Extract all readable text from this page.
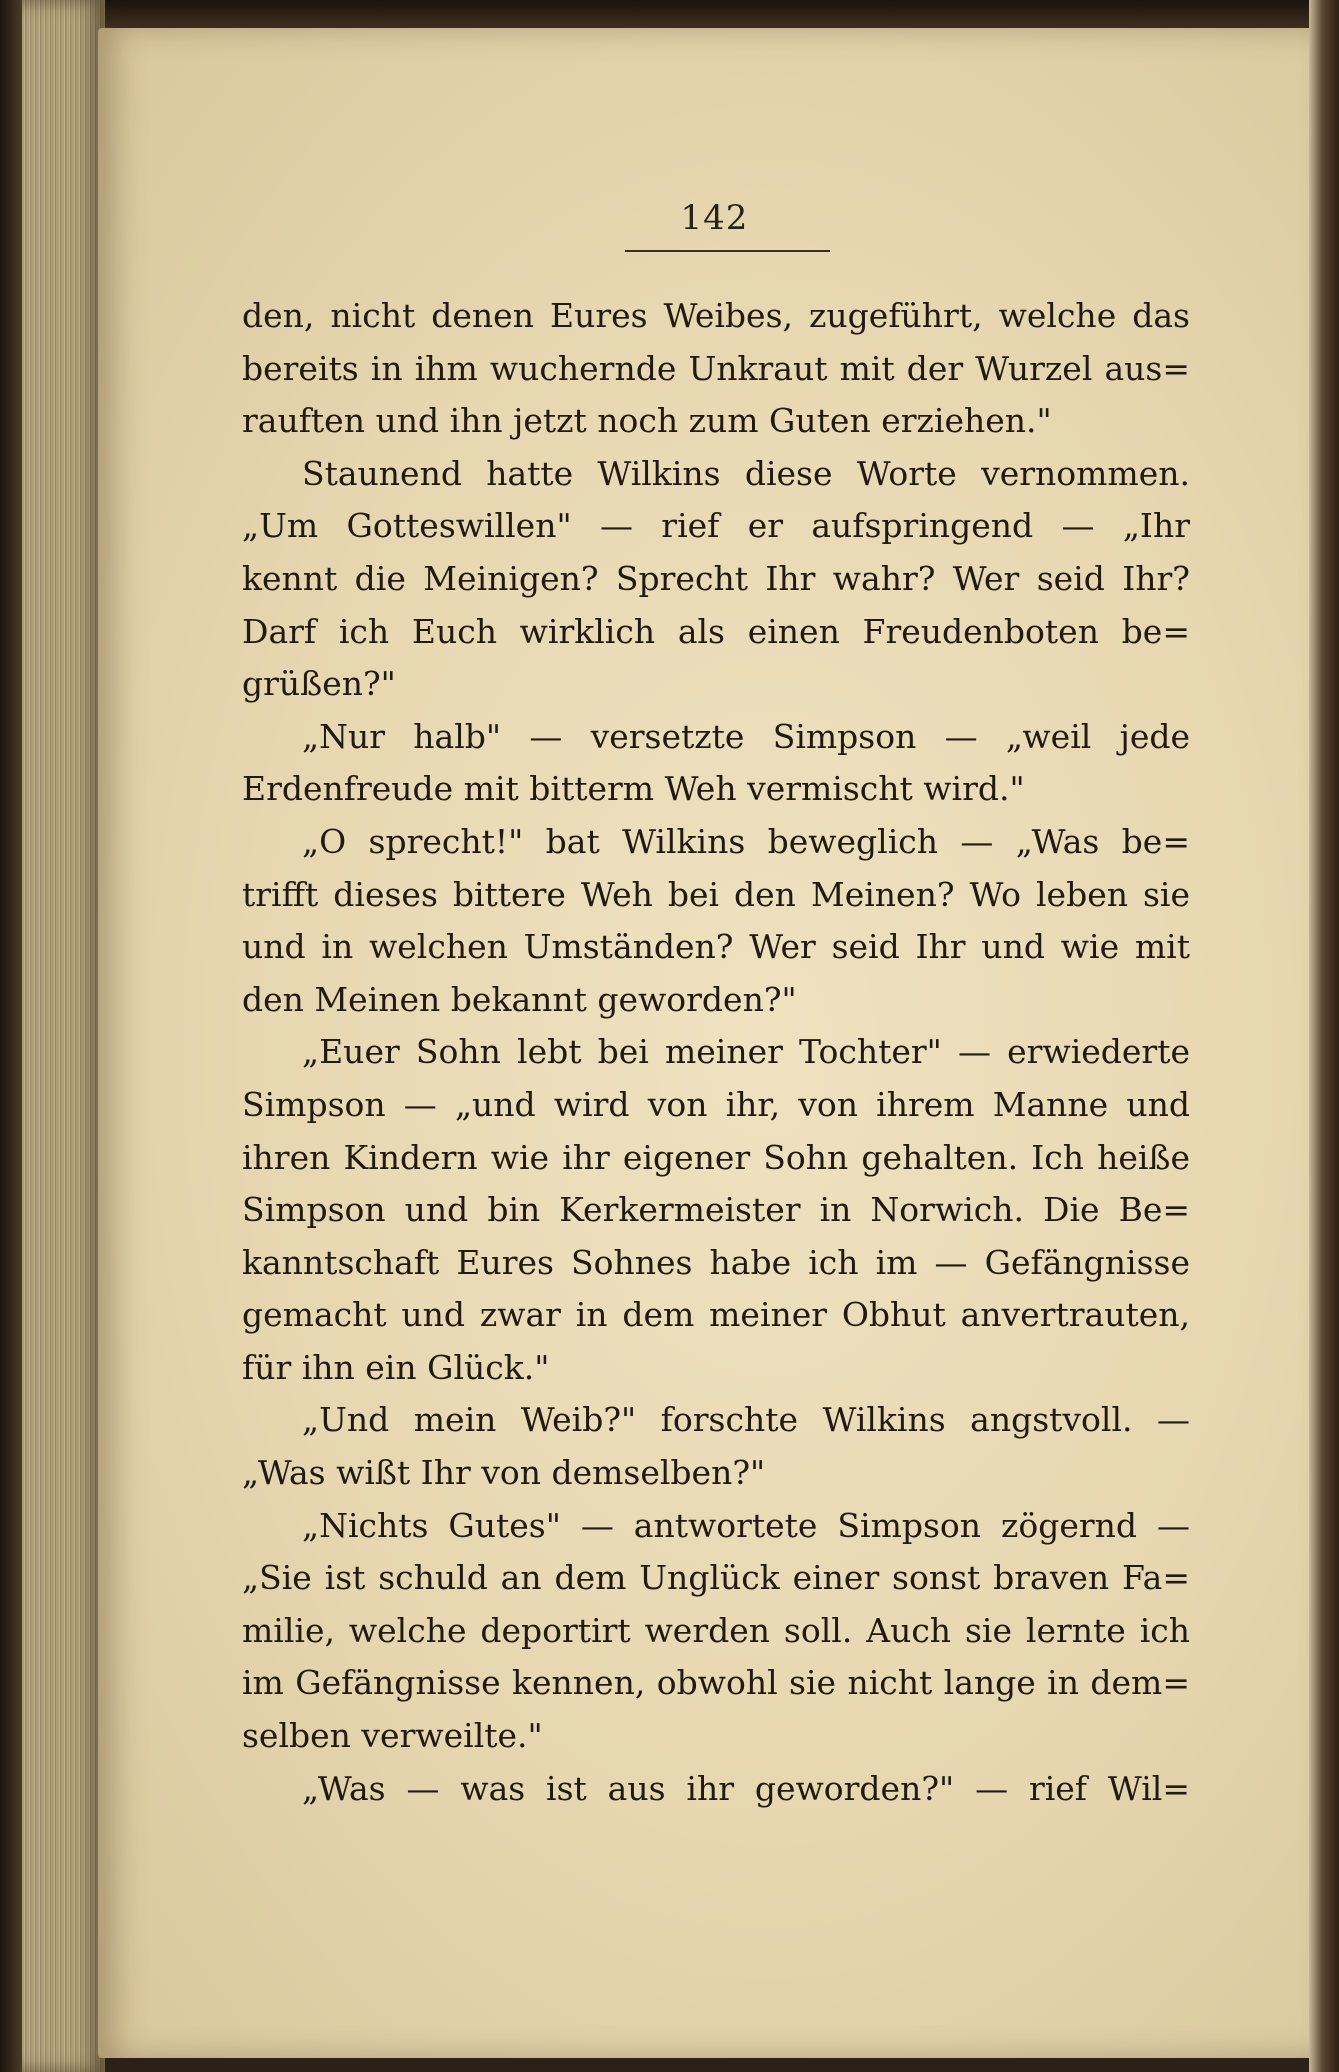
142
den, nicht denen Eures Weibes, zugeführt, welche das
bereits in ihm wuchernde Unkraut mit der Wurzel aus=
rauften und ihn jetzt noch zum Guten erziehen."
Staunend hatte Wilkins diese Worte vernommen.
„Um Gotteswillen" — rief er aufspringend — „Ihr
kennt die Meinigen? Sprecht Ihr wahr? Wer seid Ihr?
Darf ich Euch wirklich als einen Freudenboten be=
grüßen?"
„Nur halb" — versetzte Simpson — „weil jede
Erdenfreude mit bitterm Weh vermischt wird."
„O sprecht!" bat Wilkins beweglich — „Was be=
trifft dieses bittere Weh bei den Meinen? Wo leben sie
und in welchen Umständen? Wer seid Ihr und wie mit
den Meinen bekannt geworden?"
„Euer Sohn lebt bei meiner Tochter" — erwiederte
Simpson — „und wird von ihr, von ihrem Manne und
ihren Kindern wie ihr eigener Sohn gehalten. Ich heiße
Simpson und bin Kerkermeister in Norwich. Die Be=
kanntschaft Eures Sohnes habe ich im — Gefängnisse
gemacht und zwar in dem meiner Obhut anvertrauten,
für ihn ein Glück."
„Und mein Weib?" forschte Wilkins angstvoll. —
„Was wißt Ihr von demselben?"
„Nichts Gutes" — antwortete Simpson zögernd —
„Sie ist schuld an dem Unglück einer sonst braven Fa=
milie, welche deportirt werden soll. Auch sie lernte ich
im Gefängnisse kennen, obwohl sie nicht lange in dem=
selben verweilte."
„Was — was ist aus ihr geworden?" — rief Wil=
